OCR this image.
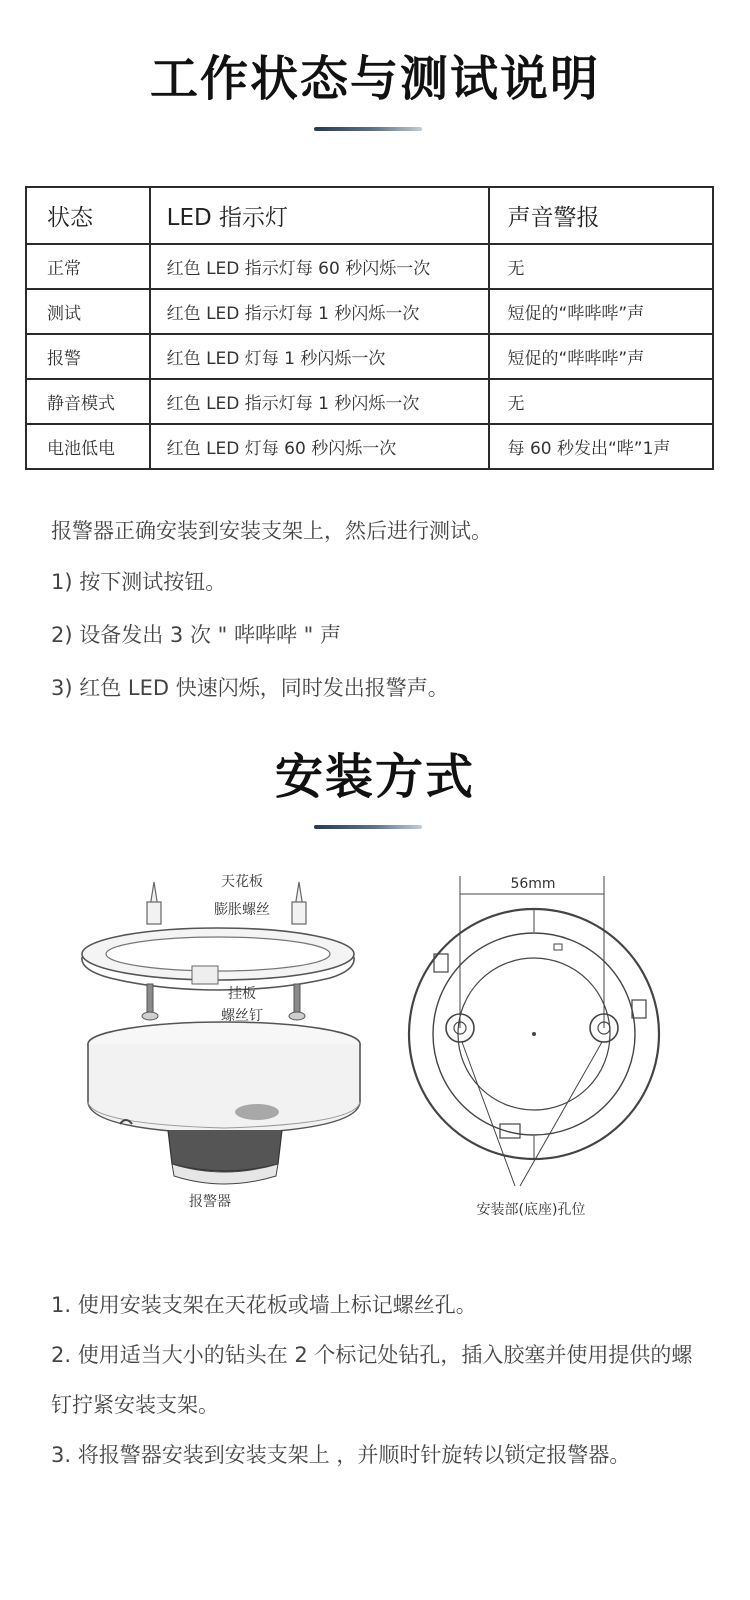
工作状态与测试说明
状态	LED 指示灯	声音警报
正常	红色 LED 指示灯每 60 秒闪烁一次	无
测试	红色 LED 指示灯每 1 秒闪烁一次	短促的“哔哔哔”声
报警	红色 LED 灯每 1 秒闪烁一次	短促的“哔哔哔”声
静音模式	红色 LED 指示灯每 1 秒闪烁一次	无
电池低电	红色 LED 灯每 60 秒闪烁一次	每 60 秒发出“哔”1声
报警器正确安装到安装支架上，然后进行测试。
1) 按下测试按钮。
2) 设备发出 3 次 " 哔哔哔 " 声
3) 红色 LED 快速闪烁，同时发出报警声。
安装方式
天花板
膨胀螺丝
挂板
螺丝钉
报警器
56mm
安装部(底座)孔位
1. 使用安装支架在天花板或墙上标记螺丝孔。
2. 使用适当大小的钻头在 2 个标记处钻孔，插入胶塞并使用提供的螺钉拧紧安装支架。
3. 将报警器安装到安装支架上 ，并顺时针旋转以锁定报警器。
